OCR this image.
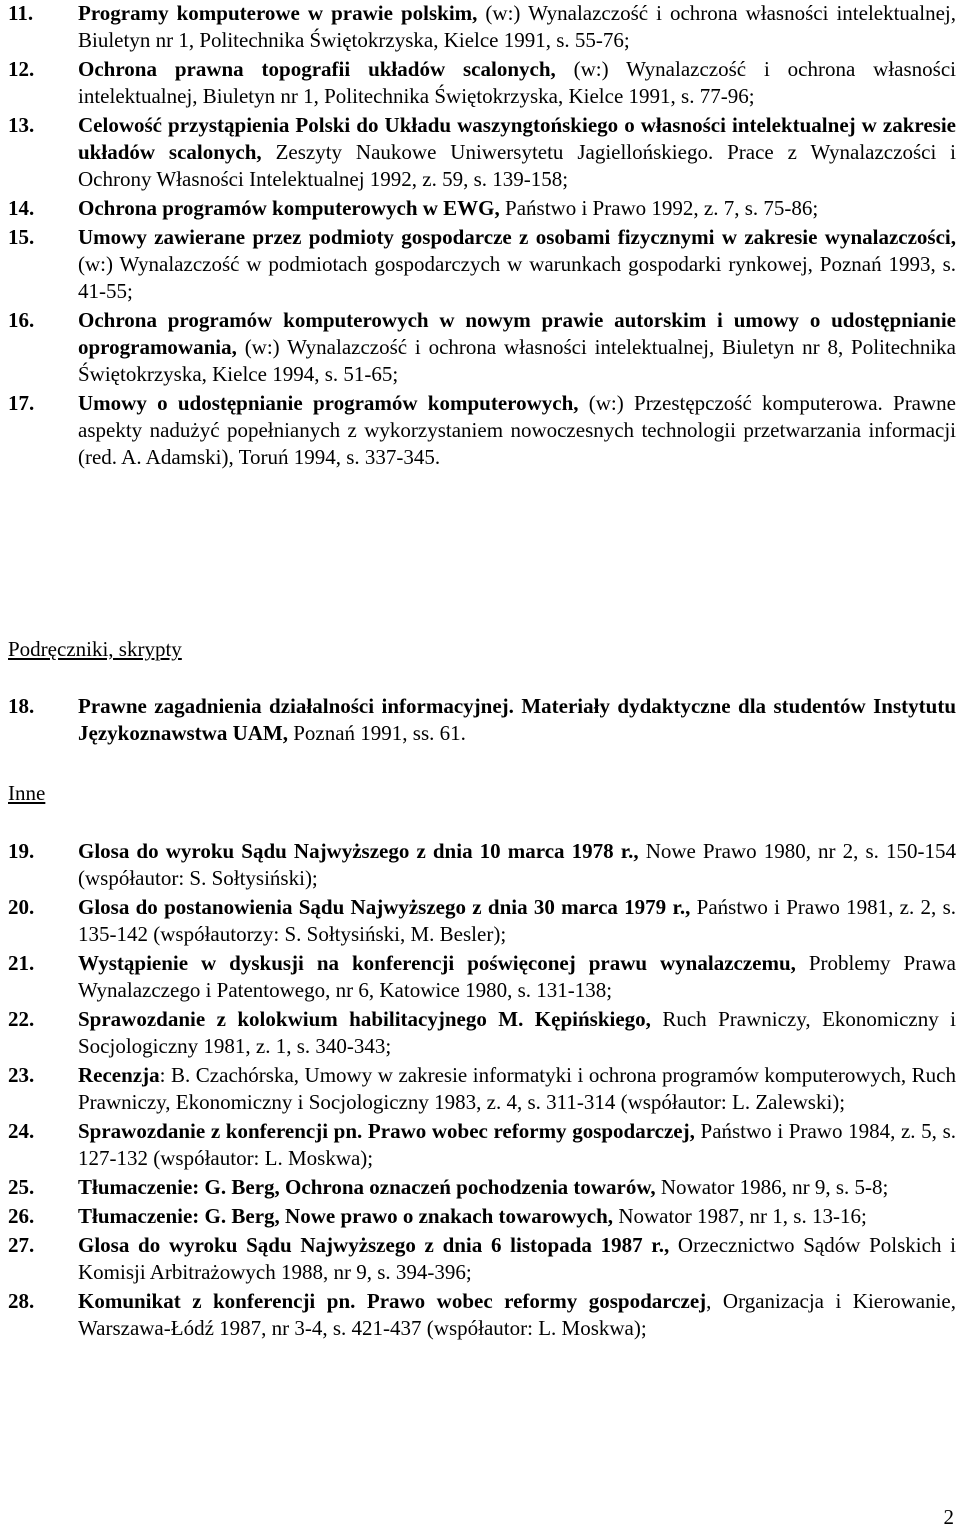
11.	Programy komputerowe w prawie polskim, (w:) Wynalazczość i ochrona własności intelektualnej, Biuletyn nr 1, Politechnika Świętokrzyska, Kielce 1991, s. 55-76;
12.	Ochrona prawna topografii układów scalonych, (w:) Wynalazczość i ochrona własności intelektualnej, Biuletyn nr 1, Politechnika Świętokrzyska, Kielce 1991, s. 77-96;
13.	Celowość przystąpienia Polski do Układu waszyngtońskiego o własności intelektualnej w zakresie układów scalonych, Zeszyty Naukowe Uniwersytetu Jagiellońskiego. Prace z Wynalazczości i Ochrony Własności Intelektualnej 1992, z. 59, s. 139-158;
14.	Ochrona programów komputerowych w EWG, Państwo i Prawo 1992, z. 7, s. 75-86;
15.	Umowy zawierane przez podmioty gospodarcze z osobami fizycznymi w zakresie wynalazczości, (w:) Wynalazczość w podmiotach gospodarczych w warunkach gospodarki rynkowej, Poznań 1993, s. 41-55;
16.	Ochrona programów komputerowych w nowym prawie autorskim i umowy o udostępnianie oprogramowania, (w:) Wynalazczość i ochrona własności intelektualnej, Biuletyn nr 8, Politechnika Świętokrzyska, Kielce 1994, s. 51-65;
17.	Umowy o udostępnianie programów komputerowych, (w:) Przestępczość komputerowa. Prawne aspekty nadużyć popełnianych z wykorzystaniem nowoczesnych technologii przetwarzania informacji (red. A. Adamski), Toruń 1994, s. 337-345.

Podręczniki, skrypty

18.	Prawne zagadnienia działalności informacyjnej. Materiały dydaktyczne dla studentów Instytutu Językoznawstwa UAM, Poznań 1991, ss. 61.

Inne

19.	Glosa do wyroku Sądu Najwyższego z dnia 10 marca 1978 r., Nowe Prawo 1980, nr 2, s. 150-154 (współautor: S. Sołtysiński);
20.	Glosa do postanowienia Sądu Najwyższego z dnia 30 marca 1979 r., Państwo i Prawo 1981, z. 2, s. 135-142 (współautorzy: S. Sołtysiński, M. Besler);
21.	Wystąpienie w dyskusji na konferencji poświęconej prawu wynalazczemu, Problemy Prawa Wynalazczego i Patentowego, nr 6, Katowice 1980, s. 131-138;
22.	Sprawozdanie z kolokwium habilitacyjnego M. Kępińskiego, Ruch Prawniczy, Ekonomiczny i Socjologiczny 1981, z. 1, s. 340-343;
23.	Recenzja: B. Czachórska, Umowy w zakresie informatyki i ochrona programów komputerowych, Ruch Prawniczy, Ekonomiczny i Socjologiczny 1983, z. 4, s. 311-314 (współautor: L. Zalewski);
24.	Sprawozdanie z konferencji pn. Prawo wobec reformy gospodarczej, Państwo i Prawo 1984, z. 5, s. 127-132 (współautor: L. Moskwa);
25.	Tłumaczenie: G. Berg, Ochrona oznaczeń pochodzenia towarów, Nowator 1986, nr 9, s. 5-8;
26.	Tłumaczenie: G. Berg, Nowe prawo o znakach towarowych, Nowator 1987, nr 1, s. 13-16;
27.	Glosa do wyroku Sądu Najwyższego z dnia 6 listopada 1987 r., Orzecznictwo Sądów Polskich i Komisji Arbitrażowych 1988, nr 9, s. 394-396;
28.	Komunikat z konferencji pn. Prawo wobec reformy gospodarczej, Organizacja i Kierowanie, Warszawa-Łódź 1987, nr 3-4, s. 421-437 (współautor: L. Moskwa);
2
